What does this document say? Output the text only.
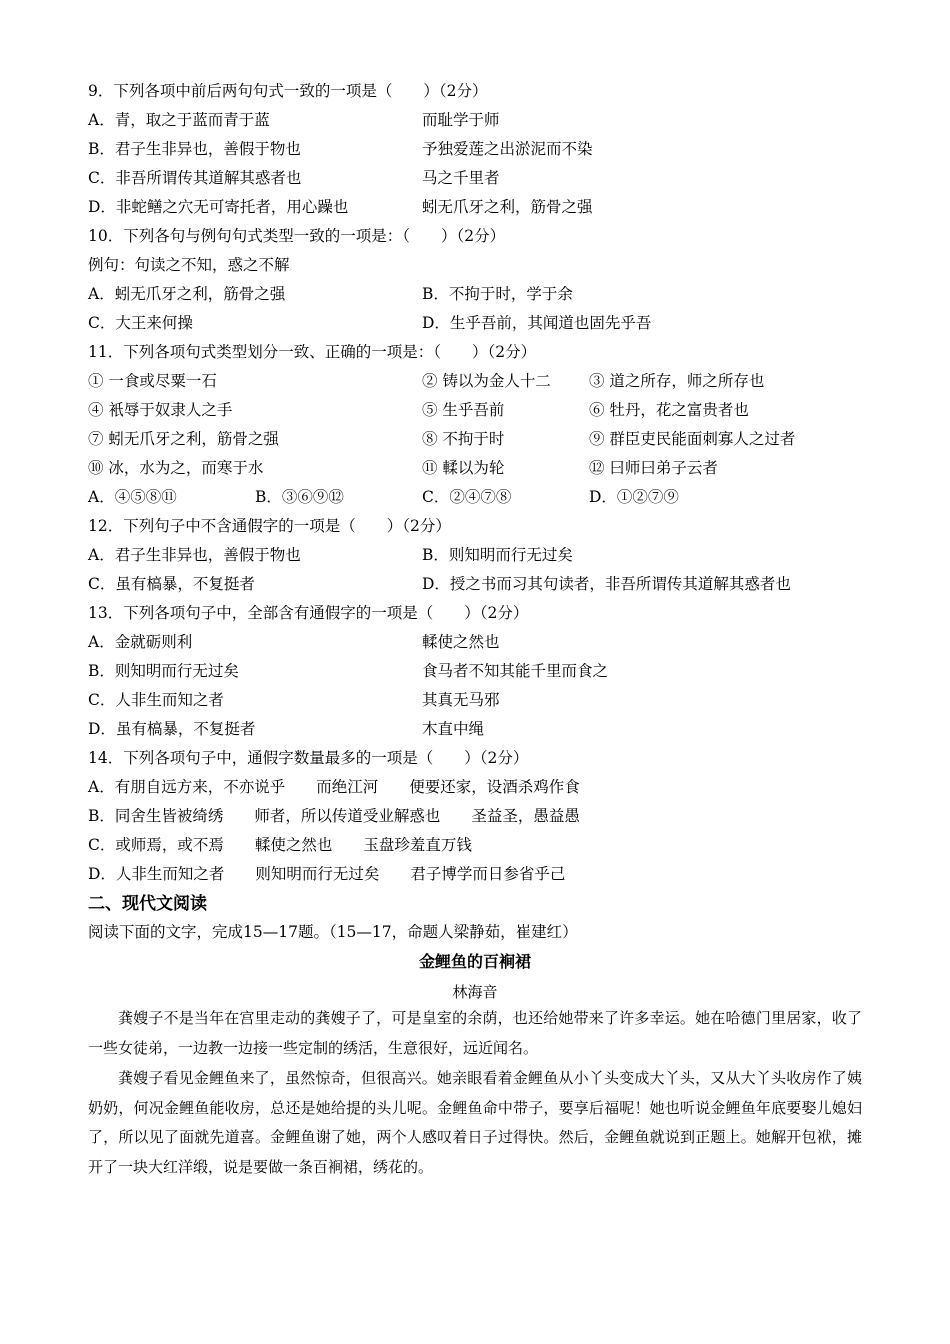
9．下列各项中前后两句句式一致的一项是（　　）（2分）
A．青，取之于蓝而青于蓝	而耻学于师
B．君子生非异也，善假于物也	予独爱莲之出淤泥而不染
C．非吾所谓传其道解其惑者也	马之千里者
D．非蛇鳝之穴无可寄托者，用心躁也	蚓无爪牙之利，筋骨之强
10．下列各句与例句句式类型一致的一项是：（　　）（2分）
例句：句读之不知，惑之不解
A．蚓无爪牙之利，筋骨之强	B．不拘于时，学于余
C．大王来何操	D．生乎吾前，其闻道也固先乎吾
11．下列各项句式类型划分一致、正确的一项是：（　　）（2分）
① 一食或尽粟一石	② 铸以为金人十二 ③ 道之所存，师之所存也
④ 衹辱于奴隶人之手	⑤ 生乎吾前	⑥ 牡丹，花之富贵者也
⑦ 蚓无爪牙之利，筋骨之强	⑧ 不拘于时	⑨ 群臣吏民能面刺寡人之过者
⑩ 冰，水为之，而寒于水	⑪ 輮以为轮	⑫ 曰师曰弟子云者
A．④⑤⑧⑪	B．③⑥⑨⑫	C．②④⑦⑧	D．①②⑦⑨
12．下列句子中不含通假字的一项是（　　）（2分）
A．君子生非异也，善假于物也	B．则知明而行无过矣
C．虽有槁暴，不复挺者	D．授之书而习其句读者，非吾所谓传其道解其惑者也
13．下列各项句子中，全部含有通假字的一项是（　　）（2分）
A．金就砺则利	輮使之然也
B．则知明而行无过矣	食马者不知其能千里而食之
C．人非生而知之者	其真无马邪
D．虽有槁暴，不复挺者	木直中绳
14．下列各项句子中，通假字数量最多的一项是（　　）（2分）
A．有朋自远方来，不亦说乎　　而绝江河　　便要还家，设酒杀鸡作食
B．同舍生皆被绮绣　　师者，所以传道受业解惑也　　圣益圣，愚益愚
C．或师焉，或不焉　　輮使之然也　　玉盘珍羞直万钱
D．人非生而知之者　　则知明而行无过矣　　君子博学而日参省乎己
二、现代文阅读
阅读下面的文字，完成15—17题。（15—17，命题人梁静茹，崔建红）
金鲤鱼的百裥裙
林海音
龚嫂子不是当年在宫里走动的龚嫂子了，可是皇室的余荫，也还给她带来了许多幸运。她在哈德门里居家，收了一些女徒弟，一边教一边接一些定制的绣活，生意很好，远近闻名。
龚嫂子看见金鲤鱼来了，虽然惊奇，但很高兴。她亲眼看着金鲤鱼从小丫头变成大丫头，又从大丫头收房作了姨奶奶，何况金鲤鱼能收房，总还是她给提的头儿呢。金鲤鱼命中带子，要享后福呢！她也听说金鲤鱼年底要娶儿媳妇了，所以见了面就先道喜。金鲤鱼谢了她，两个人感叹着日子过得快。然后，金鲤鱼就说到正题上。她解开包袱，摊开了一块大红洋缎，说是要做一条百裥裙，绣花的。
